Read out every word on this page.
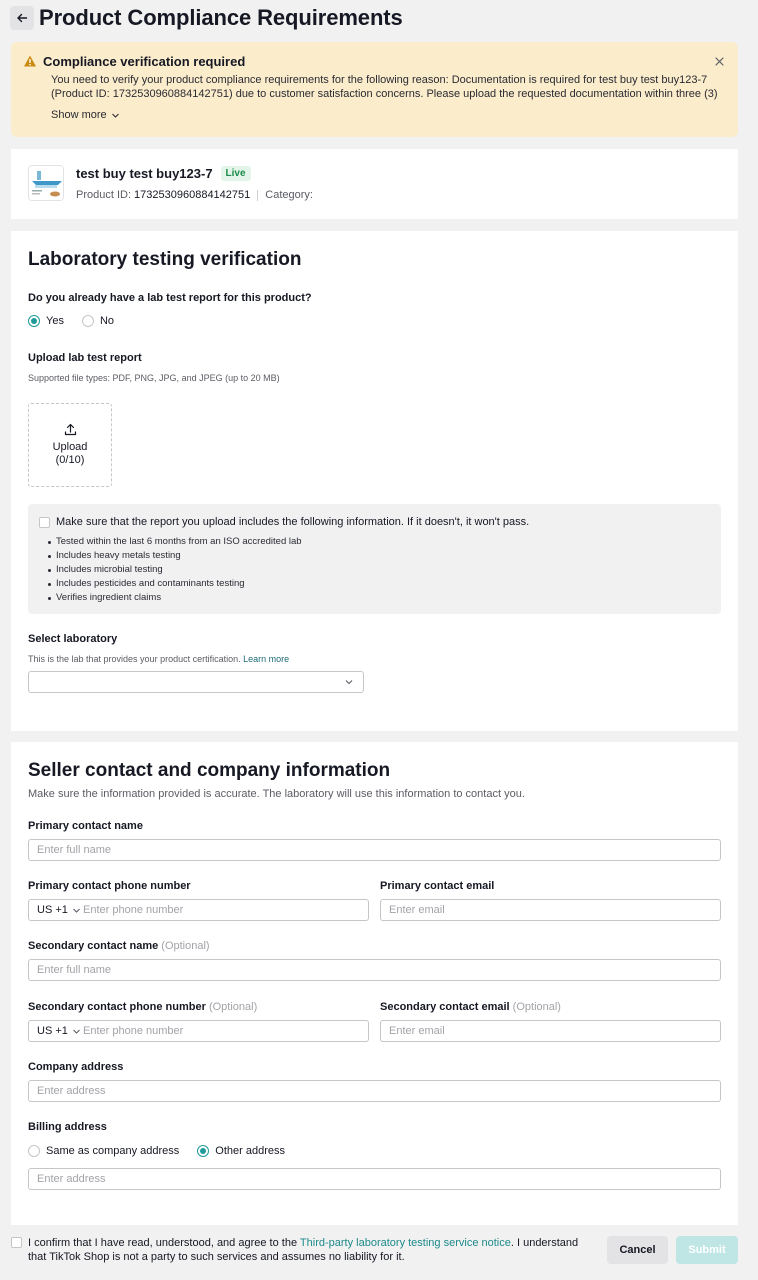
Product Compliance Requirements
Compliance verification required
You need to verify your product compliance requirements for the following reason: Documentation is required for test buy test buy123-7 (Product ID: 1732530960884142751) due to customer satisfaction concerns. Please upload the requested documentation within three (3)
Show more
test buy test buy123-7	Live
Product ID: 1732530960884142751 Category:
Laboratory testing verification
Do you already have a lab test report for this product?
Yes	No
Upload lab test report
Supported file types: PDF, PNG, JPG, and JPEG (up to 20 MB)
Upload
(0/10)
Make sure that the report you upload includes the following information. If it doesn't, it won't pass.
Tested within the last 6 months from an ISO accredited lab
Includes heavy metals testing
Includes microbial testing
Includes pesticides and contaminants testing
Verifies ingredient claims
Select laboratory
This is the lab that provides your product certification. Learn more
Seller contact and company information
Make sure the information provided is accurate. The laboratory will use this information to contact you.
Primary contact name
Enter full name
Primary contact phone number
US +1
Enter phone number
Primary contact email
Enter email
Secondary contact name (Optional)
Enter full name
Secondary contact phone number (Optional)
US +1
Enter phone number
Secondary contact email (Optional)
Enter email
Company address
Enter address
Billing address
Same as company address	Other address
Enter address
I confirm that I have read, understood, and agree to the Third-party laboratory testing service notice. I understand that TikTok Shop is not a party to such services and assumes no liability for it.
Cancel	Submit
